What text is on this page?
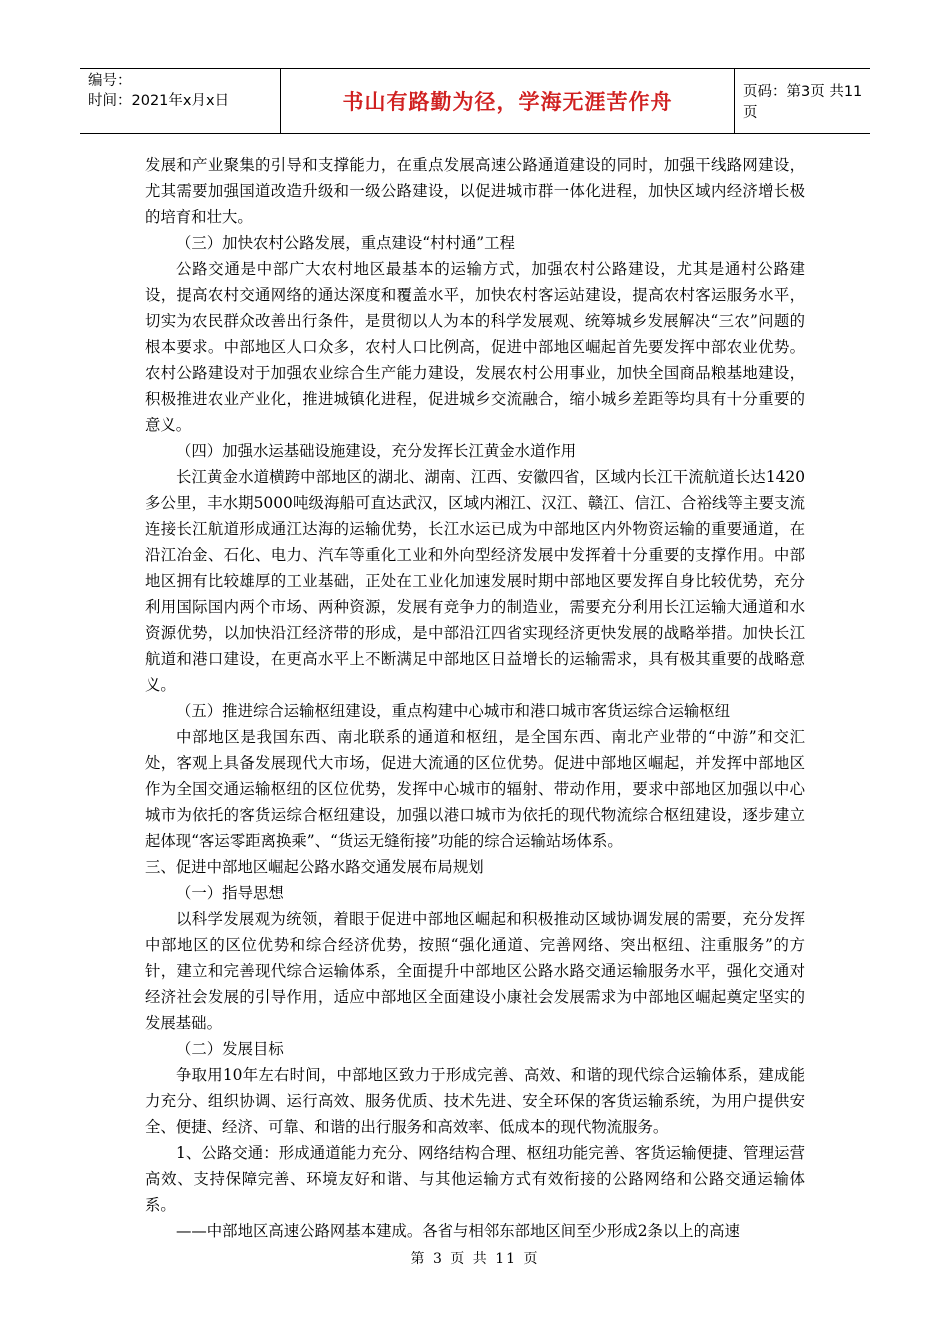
编号：
时间：2021年x月x日	书山有路勤为径，学海无涯苦作舟	页码：第3页 共11页

发展和产业聚集的引导和支撑能力，在重点发展高速公路通道建设的同时，加强干线路网建设，尤其需要加强国道改造升级和一级公路建设，以促进城市群一体化进程，加快区域内经济增长极的培育和壮大。

（三）加快农村公路发展，重点建设“村村通”工程

公路交通是中部广大农村地区最基本的运输方式，加强农村公路建设，尤其是通村公路建设，提高农村交通网络的通达深度和覆盖水平，加快农村客运站建设，提高农村客运服务水平，切实为农民群众改善出行条件，是贯彻以人为本的科学发展观、统筹城乡发展解决“三农”问题的根本要求。中部地区人口众多，农村人口比例高，促进中部地区崛起首先要发挥中部农业优势。农村公路建设对于加强农业综合生产能力建设，发展农村公用事业，加快全国商品粮基地建设，积极推进农业产业化，推进城镇化进程，促进城乡交流融合，缩小城乡差距等均具有十分重要的意义。

（四）加强水运基础设施建设，充分发挥长江黄金水道作用

长江黄金水道横跨中部地区的湖北、湖南、江西、安徽四省，区域内长江干流航道长达1420多公里，丰水期5000吨级海船可直达武汉，区域内湘江、汉江、赣江、信江、合裕线等主要支流连接长江航道形成通江达海的运输优势，长江水运已成为中部地区内外物资运输的重要通道，在沿江冶金、石化、电力、汽车等重化工业和外向型经济发展中发挥着十分重要的支撑作用。中部地区拥有比较雄厚的工业基础，正处在工业化加速发展时期中部地区要发挥自身比较优势，充分利用国际国内两个市场、两种资源，发展有竞争力的制造业，需要充分利用长江运输大通道和水资源优势，以加快沿江经济带的形成，是中部沿江四省实现经济更快发展的战略举措。加快长江航道和港口建设，在更高水平上不断满足中部地区日益增长的运输需求，具有极其重要的战略意义。

（五）推进综合运输枢纽建设，重点构建中心城市和港口城市客货运综合运输枢纽

中部地区是我国东西、南北联系的通道和枢纽，是全国东西、南北产业带的“中游”和交汇处，客观上具备发展现代大市场，促进大流通的区位优势。促进中部地区崛起，并发挥中部地区作为全国交通运输枢纽的区位优势，发挥中心城市的辐射、带动作用，要求中部地区加强以中心城市为依托的客货运综合枢纽建设，加强以港口城市为依托的现代物流综合枢纽建设，逐步建立起体现“客运零距离换乘”、“货运无缝衔接”功能的综合运输站场体系。

三、促进中部地区崛起公路水路交通发展布局规划

（一）指导思想

以科学发展观为统领，着眼于促进中部地区崛起和积极推动区域协调发展的需要，充分发挥中部地区的区位优势和综合经济优势，按照“强化通道、完善网络、突出枢纽、注重服务”的方针，建立和完善现代综合运输体系，全面提升中部地区公路水路交通运输服务水平，强化交通对经济社会发展的引导作用，适应中部地区全面建设小康社会发展需求为中部地区崛起奠定坚实的发展基础。

（二）发展目标

争取用10年左右时间，中部地区致力于形成完善、高效、和谐的现代综合运输体系，建成能力充分、组织协调、运行高效、服务优质、技术先进、安全环保的客货运输系统，为用户提供安全、便捷、经济、可靠、和谐的出行服务和高效率、低成本的现代物流服务。

1、公路交通：形成通道能力充分、网络结构合理、枢纽功能完善、客货运输便捷、管理运营高效、支持保障完善、环境友好和谐、与其他运输方式有效衔接的公路网络和公路交通运输体系。

——中部地区高速公路网基本建成。各省与相邻东部地区间至少形成2条以上的高速

第 3 页 共 11 页
